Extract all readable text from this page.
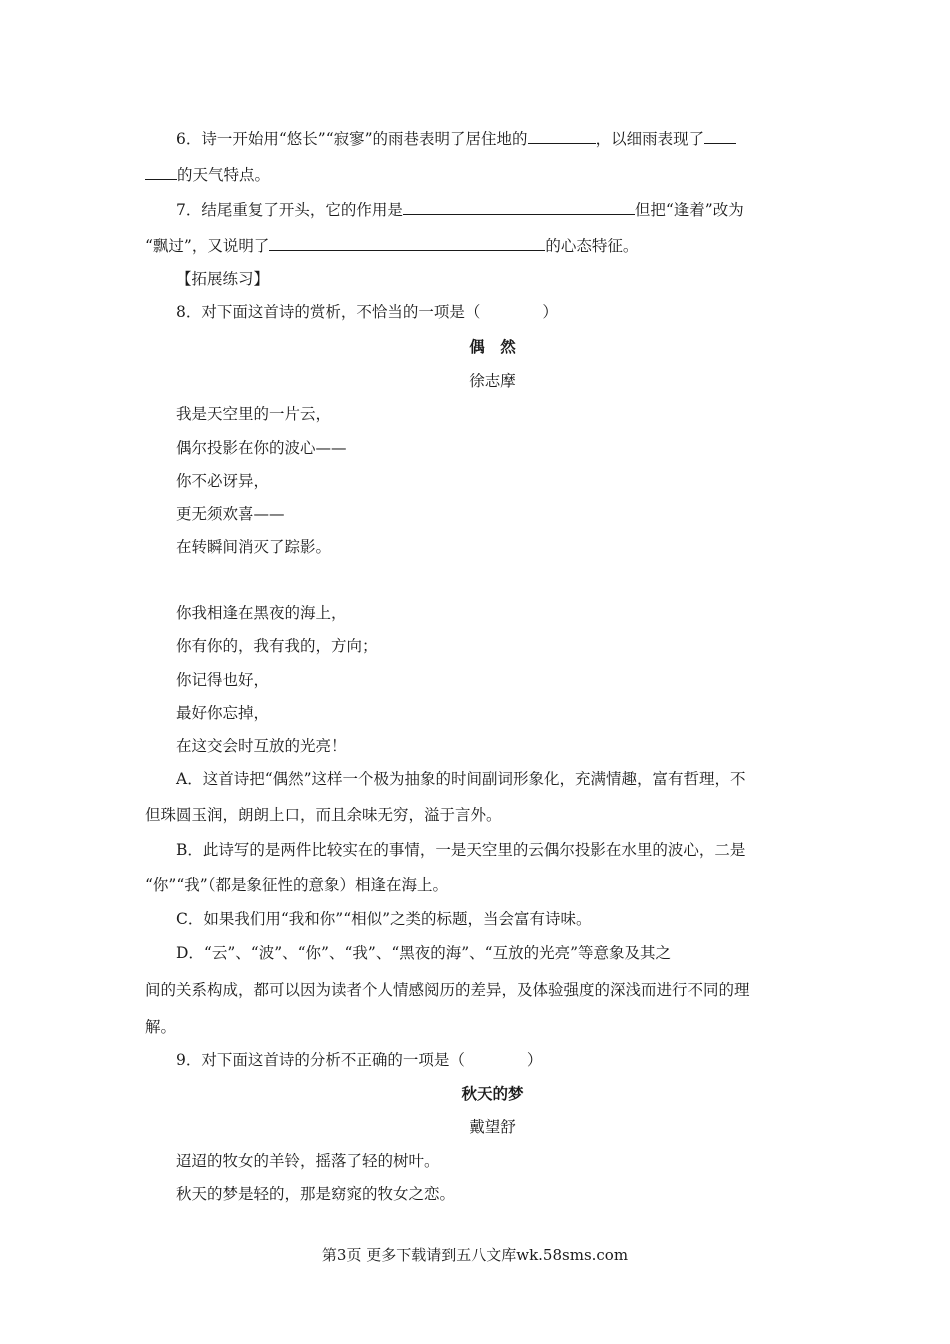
6．诗一开始用“悠长”“寂寥”的雨巷表明了居住地的	，以细雨表现了
的天气特点。
7．结尾重复了开头，它的作用是	但把“逢着”改为
“飘过”，又说明了	的心态特征。
【拓展练习】
8．对下面这首诗的赏析，不恰当的一项是（　　　　）
偶　然
徐志摩
我是天空里的一片云，
偶尔投影在你的波心——
你不必讶异，
更无须欢喜——
在转瞬间消灭了踪影。
你我相逢在黑夜的海上，
你有你的，我有我的，方向；
你记得也好，
最好你忘掉，
在这交会时互放的光亮！
A．这首诗把“偶然”这样一个极为抽象的时间副词形象化，充满情趣，富有哲理，不
但珠圆玉润，朗朗上口，而且余味无穷，溢于言外。
B．此诗写的是两件比较实在的事情，一是天空里的云偶尔投影在水里的波心，二是
“你”“我”（都是象征性的意象）相逢在海上。
C．如果我们用“我和你”“相似”之类的标题，当会富有诗味。
D．“云”、“波”、“你”、“我”、“黑夜的海”、“互放的光亮”等意象及其之
间的关系构成，都可以因为读者个人情感阅历的差异，及体验强度的深浅而进行不同的理
解。
9．对下面这首诗的分析不正确的一项是（　　　　）
秋天的梦
戴望舒
迢迢的牧女的羊铃，摇落了轻的树叶。
秋天的梦是轻的，那是窈窕的牧女之恋。
第3页 更多下载请到五八文库wk.58sms.com
